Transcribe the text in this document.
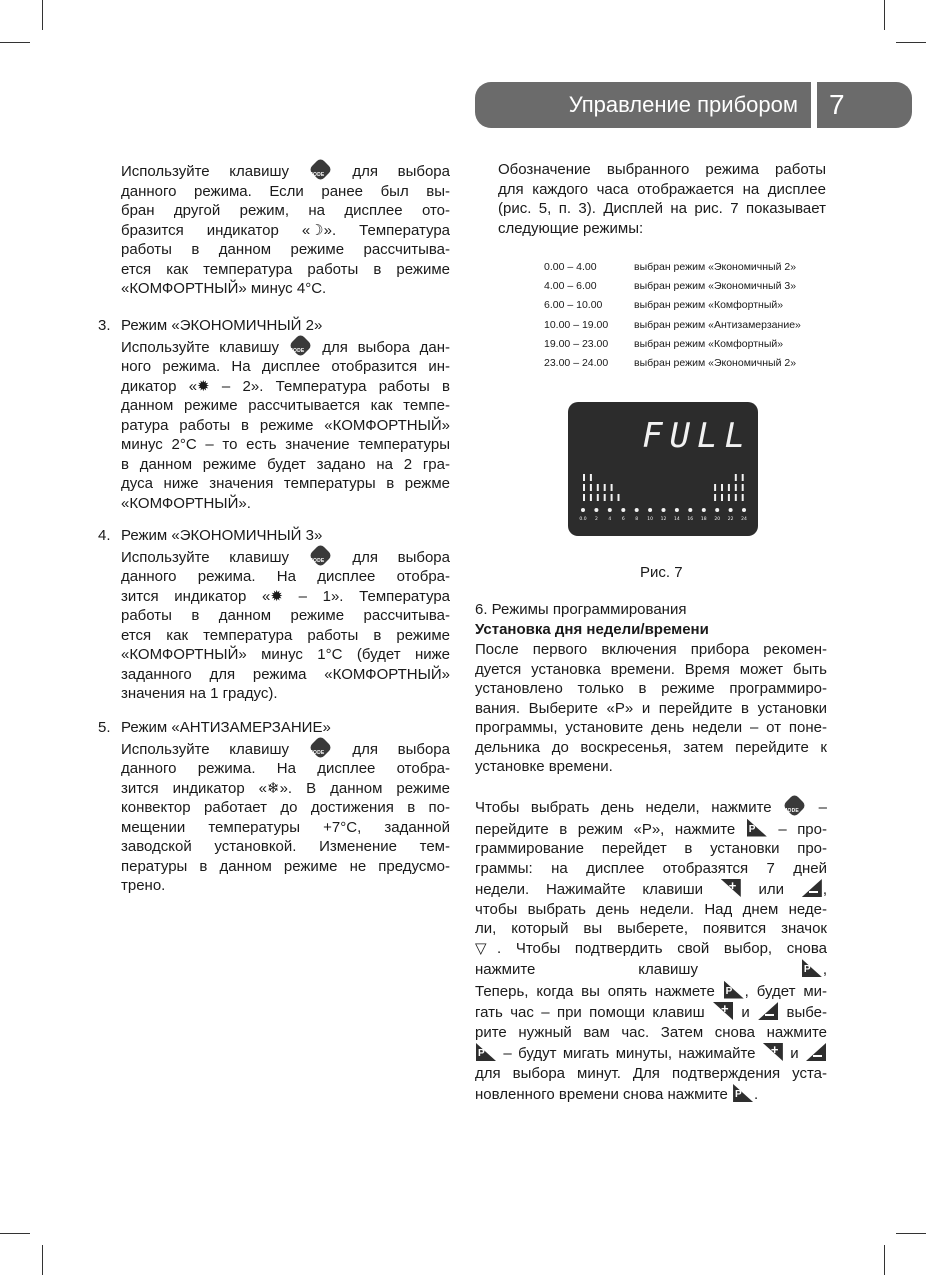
Управление прибором	7
Используйте клавишу MODE для выбора
данного режима. Если ранее был вы-
бран другой режим, на дисплее ото-
бразится индикатор «☽». Температура
работы в данном режиме рассчитыва-
ется как температура работы в режиме
«КОМФОРТНЫЙ» минус 4°C.
3. Режим «ЭКОНОМИЧНЫЙ 2»
Используйте клавишу MODE для выбора дан-
ного режима. На дисплее отобразится ин-
дикатор «✹ – 2». Температура работы в
данном режиме рассчитывается как темпе-
ратура работы в режиме «КОМФОРТНЫЙ»
минус 2°C – то есть значение температуры
в данном режиме будет задано на 2 гра-
дуса ниже значения температуры в режме
«КОМФОРТНЫЙ».
4. Режим «ЭКОНОМИЧНЫЙ 3»
Используйте клавишу MODE для выбора
данного режима. На дисплее отобра-
зится индикатор «✹ – 1». Температура
работы в данном режиме рассчитыва-
ется как температура работы в режиме
«КОМФОРТНЫЙ» минус 1°C (будет ниже
заданного для режима «КОМФОРТНЫЙ»
значения на 1 градус).
5. Режим «АНТИЗАМЕРЗАНИЕ»
Используйте клавишу MODE для выбора
данного режима. На дисплее отобра-
зится индикатор «❄». В данном режиме
конвектор работает до достижения в по-
мещении температуры +7°C, заданной
заводской установкой. Изменение тем-
пературы в данном режиме не предусмо-
трено.
Обозначение выбранного режима работы
для каждого часа отображается на дисплее
(рис. 5, п. 3). Дисплей на рис. 7 показывает
следующие режимы:
0.00 – 4.00	выбран режим «Экономичный 2»
4.00 – 6.00	выбран режим «Экономичный 3»
6.00 – 10.00	выбран режим «Комфортный»
10.00 – 19.00 выбран режим «Антизамерзание»
19.00 – 23.00 выбран режим «Комфортный»
23.00 – 24.00 выбран режим «Экономичный 2»
FULL
0.0 2 4 6 8 10 12 14 16 18 20 22 24

Рис. 7

6. Режимы программирования
Установка дня недели/времени
После первого включения прибора рекомен-
дуется установка времени. Время может быть
установлено только в режиме программиро-
вания. Выберите «P» и перейдите в установки
программы, установите день недели – от поне-
дельника до воскресенья, затем перейдите к
установке времени.
Чтобы выбрать день недели, нажмите MODE –
перейдите в режим «P», нажмите P – про-
граммирование перейдет в установки про-
граммы: на дисплее отобразятся 7 дней
недели. Нажимайте клавиши + или ,
чтобы выбрать день недели. Над днем неде-
ли, который вы выберете, появится значок
▽. Чтобы подтвердить свой выбор, снова
нажмите клавишу P,
Теперь, когда вы опять нажмете P, будет ми-
гать час – при помощи клавиш + и  выбе-
рите нужный вам час. Затем снова нажмите
P – будут мигать минуты, нажимайте + и
для выбора минут. Для подтверждения уста-
новленного времени снова нажмите P.
